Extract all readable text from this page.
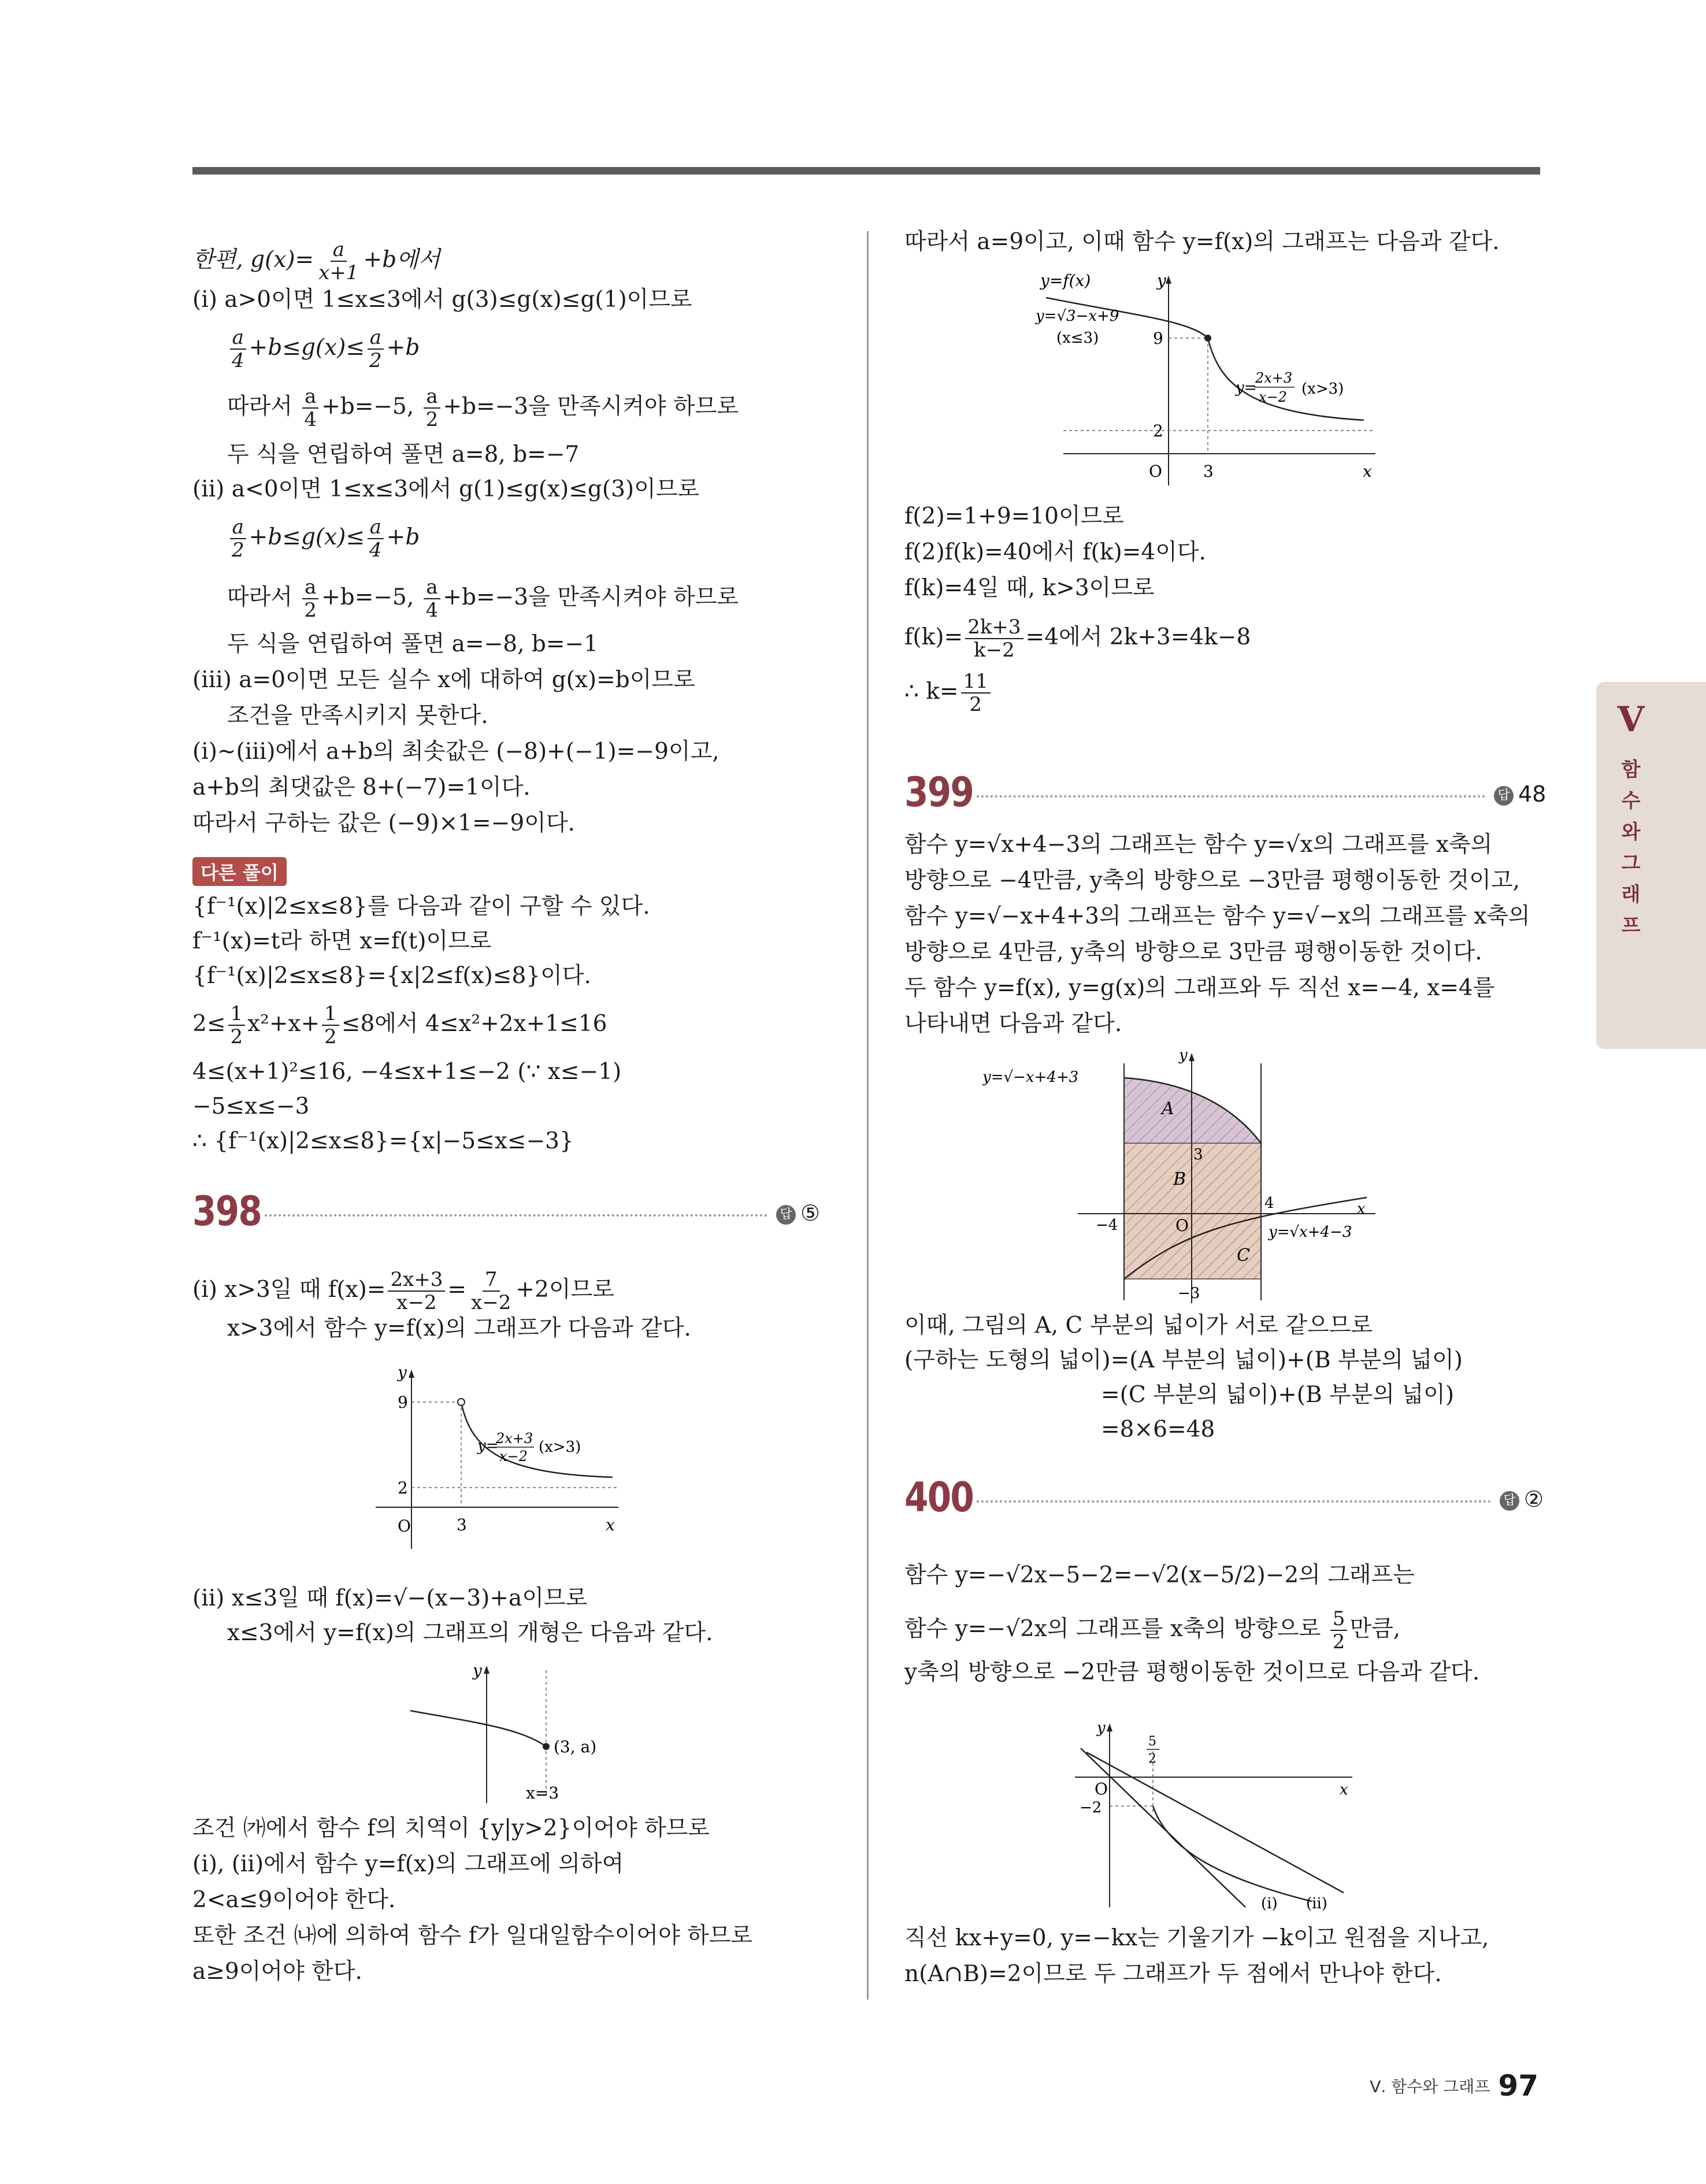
한편, $g(x)= \frac{a}{x+1} +b$에서
(ⅰ) a>0이면 1≤x≤3에서 g(3)≤g(x)≤g(1)이므로
$\frac{a}{4} +b\le g(x)\le \frac{a}{2} +b$
따라서 $\frac{a}{4} +b=-5$, $\frac{a}{2} +b=-3$을 만족시켜야 하므로
두 식을 연립하여 풀면 a=8, b=−7
(ⅱ) a<0이면 1≤x≤3에서 g(1)≤g(x)≤g(3)이므로
$\frac{a}{2} +b\le g(x)\le \frac{a}{4} +b$
따라서 $\frac{a}{2} +b=-5$, $\frac{a}{4} +b=-3$을 만족시켜야 하므로
두 식을 연립하여 풀면 a=−8, b=−1
(ⅲ) a=0이면 모든 실수 x에 대하여 g(x)=b이므로
조건을 만족시키지 못한다.
(ⅰ)~(ⅲ)에서 a+b의 최솟값은 (−8)+(−1)=−9이고,
a+b의 최댓값은 8+(−7)=1이다.
따라서 구하는 값은 (−9)×1=−9이다.
다른 풀이
{f⁻¹(x)|2≤x≤8}를 다음과 같이 구할 수 있다.
f⁻¹(x)=t라 하면 x=f(t)이므로
{f⁻¹(x)|2≤x≤8}={x|2≤f(x)≤8}이다.
$2\le \frac{1}{2} x^2+x+ \frac{1}{2} \le 8$에서 4≤x²+2x+1≤16
4≤(x+1)²≤16, −4≤x+1≤−2 (∵ x≤−1)
−5≤x≤−3
∴ {f⁻¹(x)|2≤x≤8}={x|−5≤x≤−3}
398	답 ⑤
(ⅰ) x>3일 때 $f(x)= \frac{2x+3}{x-2} = \frac{7}{x-2} +2$이므로
x>3에서 함수 y=f(x)의 그래프가 다음과 같다.
y
9
2
O	3	x
y=
2x+3
x−2
(x>3)
(ⅱ) x≤3일 때 f(x)=√−(x−3)+a이므로
x≤3에서 y=f(x)의 그래프의 개형은 다음과 같다.
y
(3, a)
x=3
조건 ㈎에서 함수 f의 치역이 {y|y>2}이어야 하므로
(ⅰ), (ⅱ)에서 함수 y=f(x)의 그래프에 의하여
2<a≤9이어야 한다.
또한 조건 ㈏에 의하여 함수 f가 일대일함수이어야 하므로
a≥9이어야 한다.
따라서 a=9이고, 이때 함수 y=f(x)의 그래프는 다음과 같다.
y=f(x)	y
y=√3−x+9
(x≤3)	9
2
O	3	x
y=
2x+3
x−2 (x>3)
f(2)=1+9=10이므로
f(2)f(k)=40에서 f(k)=4이다.
f(k)=4일 때, k>3이므로
$f(k)= \frac{2k+3}{k-2} =4$에서 2k+3=4k−8
∴ $k= \frac{11}{2}$
399	답 48
함수 y=√x+4−3의 그래프는 함수 y=√x의 그래프를 x축의
방향으로 −4만큼, y축의 방향으로 −3만큼 평행이동한 것이고,
함수 y=√−x+4+3의 그래프는 함수 y=√−x의 그래프를 x축의
방향으로 4만큼, y축의 방향으로 3만큼 평행이동한 것이다.
두 함수 y=f(x), y=g(x)의 그래프와 두 직선 x=−4, x=4를
나타내면 다음과 같다.
y
y=√−x+4+3
A
3
B
4
−4	O
x
C
y=√x+4−3
−3
이때, 그림의 A, C 부분의 넓이가 서로 같으므로
(구하는 도형의 넓이)=(A 부분의 넓이)+(B 부분의 넓이)
=(C 부분의 넓이)+(B 부분의 넓이)
=8×6=48
400	답 ②
함수 y=−√2x−5−2=−√2(x−5/2)−2의 그래프는
함수 y=−√2x의 그래프를 x축의 방향으로 $\frac{5}{2}$ 만큼,
y축의 방향으로 −2만큼 평행이동한 것이므로 다음과 같다.
y
5
2
O	x
−2
(ⅰ) (ⅱ)
직선 kx+y=0, y=−kx는 기울기가 −k이고 원점을 지나고,
n(A∩B)=2이므로 두 그래프가 두 점에서 만나야 한다.
Ⅴ
함
수
와
그
래
프
Ⅴ. 함수와 그래프 97
